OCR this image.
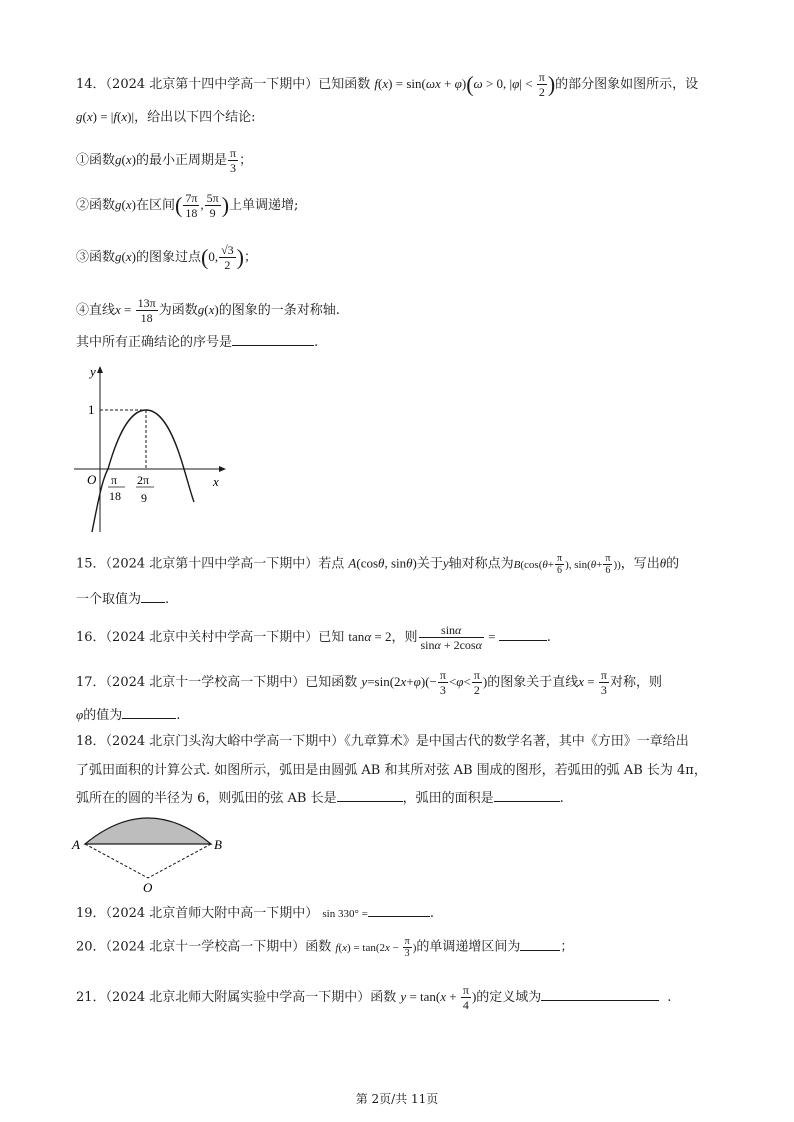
14．（2024 北京第十四中学高一下期中）已知函数 f(x) = sin(ωx + φ)(ω > 0, $|\varphi| < \frac{\pi}{2}$ )的部分图象如图所示，设
g(x) = |f(x)|，给出以下四个结论:
①函数g(x)的最小正周期是 $\frac{\pi}{3}$ ；
②函数g(x)在区间( $\frac{7\pi}{18}$ , $\frac{5\pi}{9}$ )上单调递增;
③函数g(x)的图象过点(0, $\frac{√3}{2}$ )；
④直线$x = \frac{13\pi}{18}$ 为函数g(x)的图象的一条对称轴.
其中所有正确结论的序号是	.
y
x
O
1
π
18
2π
9
15．（2024 北京第十四中学高一下期中）若点 A(cosθ, sinθ)关于y轴对称点为$B(\cos(\theta+ \frac{\pi}{6}$ ), $\sin(\theta+ \frac{\pi}{6}$ ))，写出θ的
一个取值为 .
16．（2024 北京中关村中学高一下期中）已知 tanα = 2，则 $\frac{\sin\alpha}{\sin\alpha + 2\cos\alpha}$ =	.
17．（2024 北京十一学校高一下期中）已知函数 $y=\sin(2x+\varphi)(- \frac{\pi}{3} <\varphi< \frac{\pi}{2}$ )的图象关于直线$x = \frac{\pi}{3}$ 对称，则
φ的值为	.
18．（2024 北京门头沟大峪中学高一下期中）《九章算术》是中国古代的数学名著，其中《方田》一章给出
了弧田面积的计算公式. 如图所示，弧田是由圆弧 AB 和其所对弦 AB 围成的图形，若弧田的弧 AB 长为 4π，
弧所在的圆的半径为 6，则弧田的弦 AB 长是	，弧田的面积是	.
A	B
O
19．（2024 北京首师大附中高一下期中） sin 330° =	.
20．（2024 北京十一学校高一下期中）函数 $f(x) = \tan(2x - \frac{\pi}{3}$ )的单调递增区间为	；
21．（2024 北京北师大附属实验中学高一下期中）函数 $y = \tan(x + \frac{\pi}{4}$ )的定义域为	.
第 2页/共 11页
